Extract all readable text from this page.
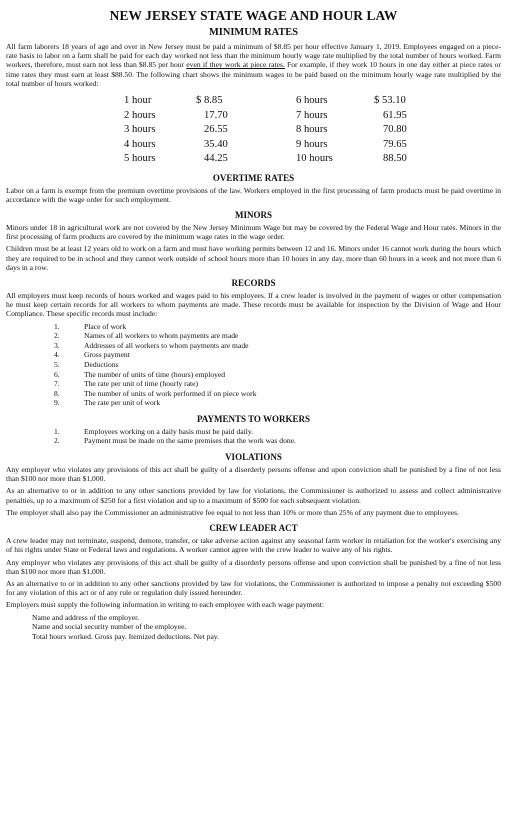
NEW JERSEY STATE WAGE AND HOUR LAW
MINIMUM RATES

All farm laborers 18 years of age and over in New Jersey must be paid a minimum of $8.85 per hour effective January 1, 2019. Employees engaged on a piece-rate basis to labor on a farm shall be paid for each day worked not less than the minimum hourly wage rate multiplied by the total number of hours worked. Farm workers, therefore, must earn not less than $8.85 per hour even if they work at piece rates. For example, if they work 10 hours in one day either at piece rates or time rates they must earn at least $88.50. The following chart shows the minimum wages to be paid based on the minimum hourly wage rate multiplied by the total number of hours worked:

1 hour	$ 8.85	6 hours	$ 53.10
2 hours	17.70	7 hours	61.95
3 hours	26.55	8 hours	70.80
4 hours	35.40	9 hours	79.65
5 hours	44.25	10 hours	88.50
OVERTIME RATES

Labor on a farm is exempt from the premium overtime provisions of the law. Workers employed in the first processing of farm products must be paid overtime in accordance with the wage order for such employment.

MINORS

Minors under 18 in agricultural work are not covered by the New Jersey Minimum Wage but may be covered by the Federal Wage and Hour rates. Minors in the first processing of farm products are covered by the minimum wage rates in the wage order.

Children must be at least 12 years old to work on a farm and must have working permits between 12 and 16. Minors under 16 cannot work during the hours which they are required to be in school and they cannot work outside of school hours more than 10 hours in any day, more than 60 hours in a week and not more than 6 days in a row.

RECORDS

All employers must keep records of hours worked and wages paid to his employees. If a crew leader is involved in the payment of wages or other compensation he must keep certain records for all workers to whom payments are made. These records must be available for inspection by the Division of Wage and Hour Compliance. These specific records must include:

1.	Place of work
2.	Names of all workers to whom payments are made
3.	Addresses of all workers to whom payments are made
4.	Gross payment
5.	Deductions
6.	The number of units of time (hours) employed
7.	The rate per unit of time (hourly rate)
8.	The number of units of work performed if on piece work
9.	The rate per unit of work
PAYMENTS TO WORKERS
1.	Employees working on a daily basis must be paid daily.
2.	Payment must be made on the same premises that the work was done.
VIOLATIONS

Any employer who violates any provisions of this act shall be guilty of a disorderly persons offense and upon conviction shall be punished by a fine of not less than $100 nor more than $1,000.

As an alternative to or in addition to any other sanctions provided by law for violations, the Commissioner is authorized to assess and collect administrative penalties, up to a maximum of $250 for a first violation and up to a maximum of $500 for each subsequent violation.

The employer shall also pay the Commissioner an administrative fee equal to not less than 10% or more than 25% of any payment due to employees.

CREW LEADER ACT

A crew leader may not terminate, suspend, demote, transfer, or take adverse action against any seasonal farm worker in retaliation for the worker's exercising any of his rights under State or Federal laws and regulations. A worker cannot agree with the crew leader to waive any of his rights.

Any employer who violates any provisions of this act shall be guilty of a disorderly persons offense and upon conviction shall be punished by a fine of not less than $100 nor more than $1,000.

As an alternative to or in addition to any other sanctions provided by law for violations, the Commissioner is authorized to impose a penalty not exceeding $500 for any violation of this act or of any rule or regulation duly issued hereunder.

Employers must supply the following information in writing to each employee with each wage payment:

Name and address of the employer.
Name and social security number of the employee.
Total hours worked. Gross pay. Itemized deductions. Net pay.
